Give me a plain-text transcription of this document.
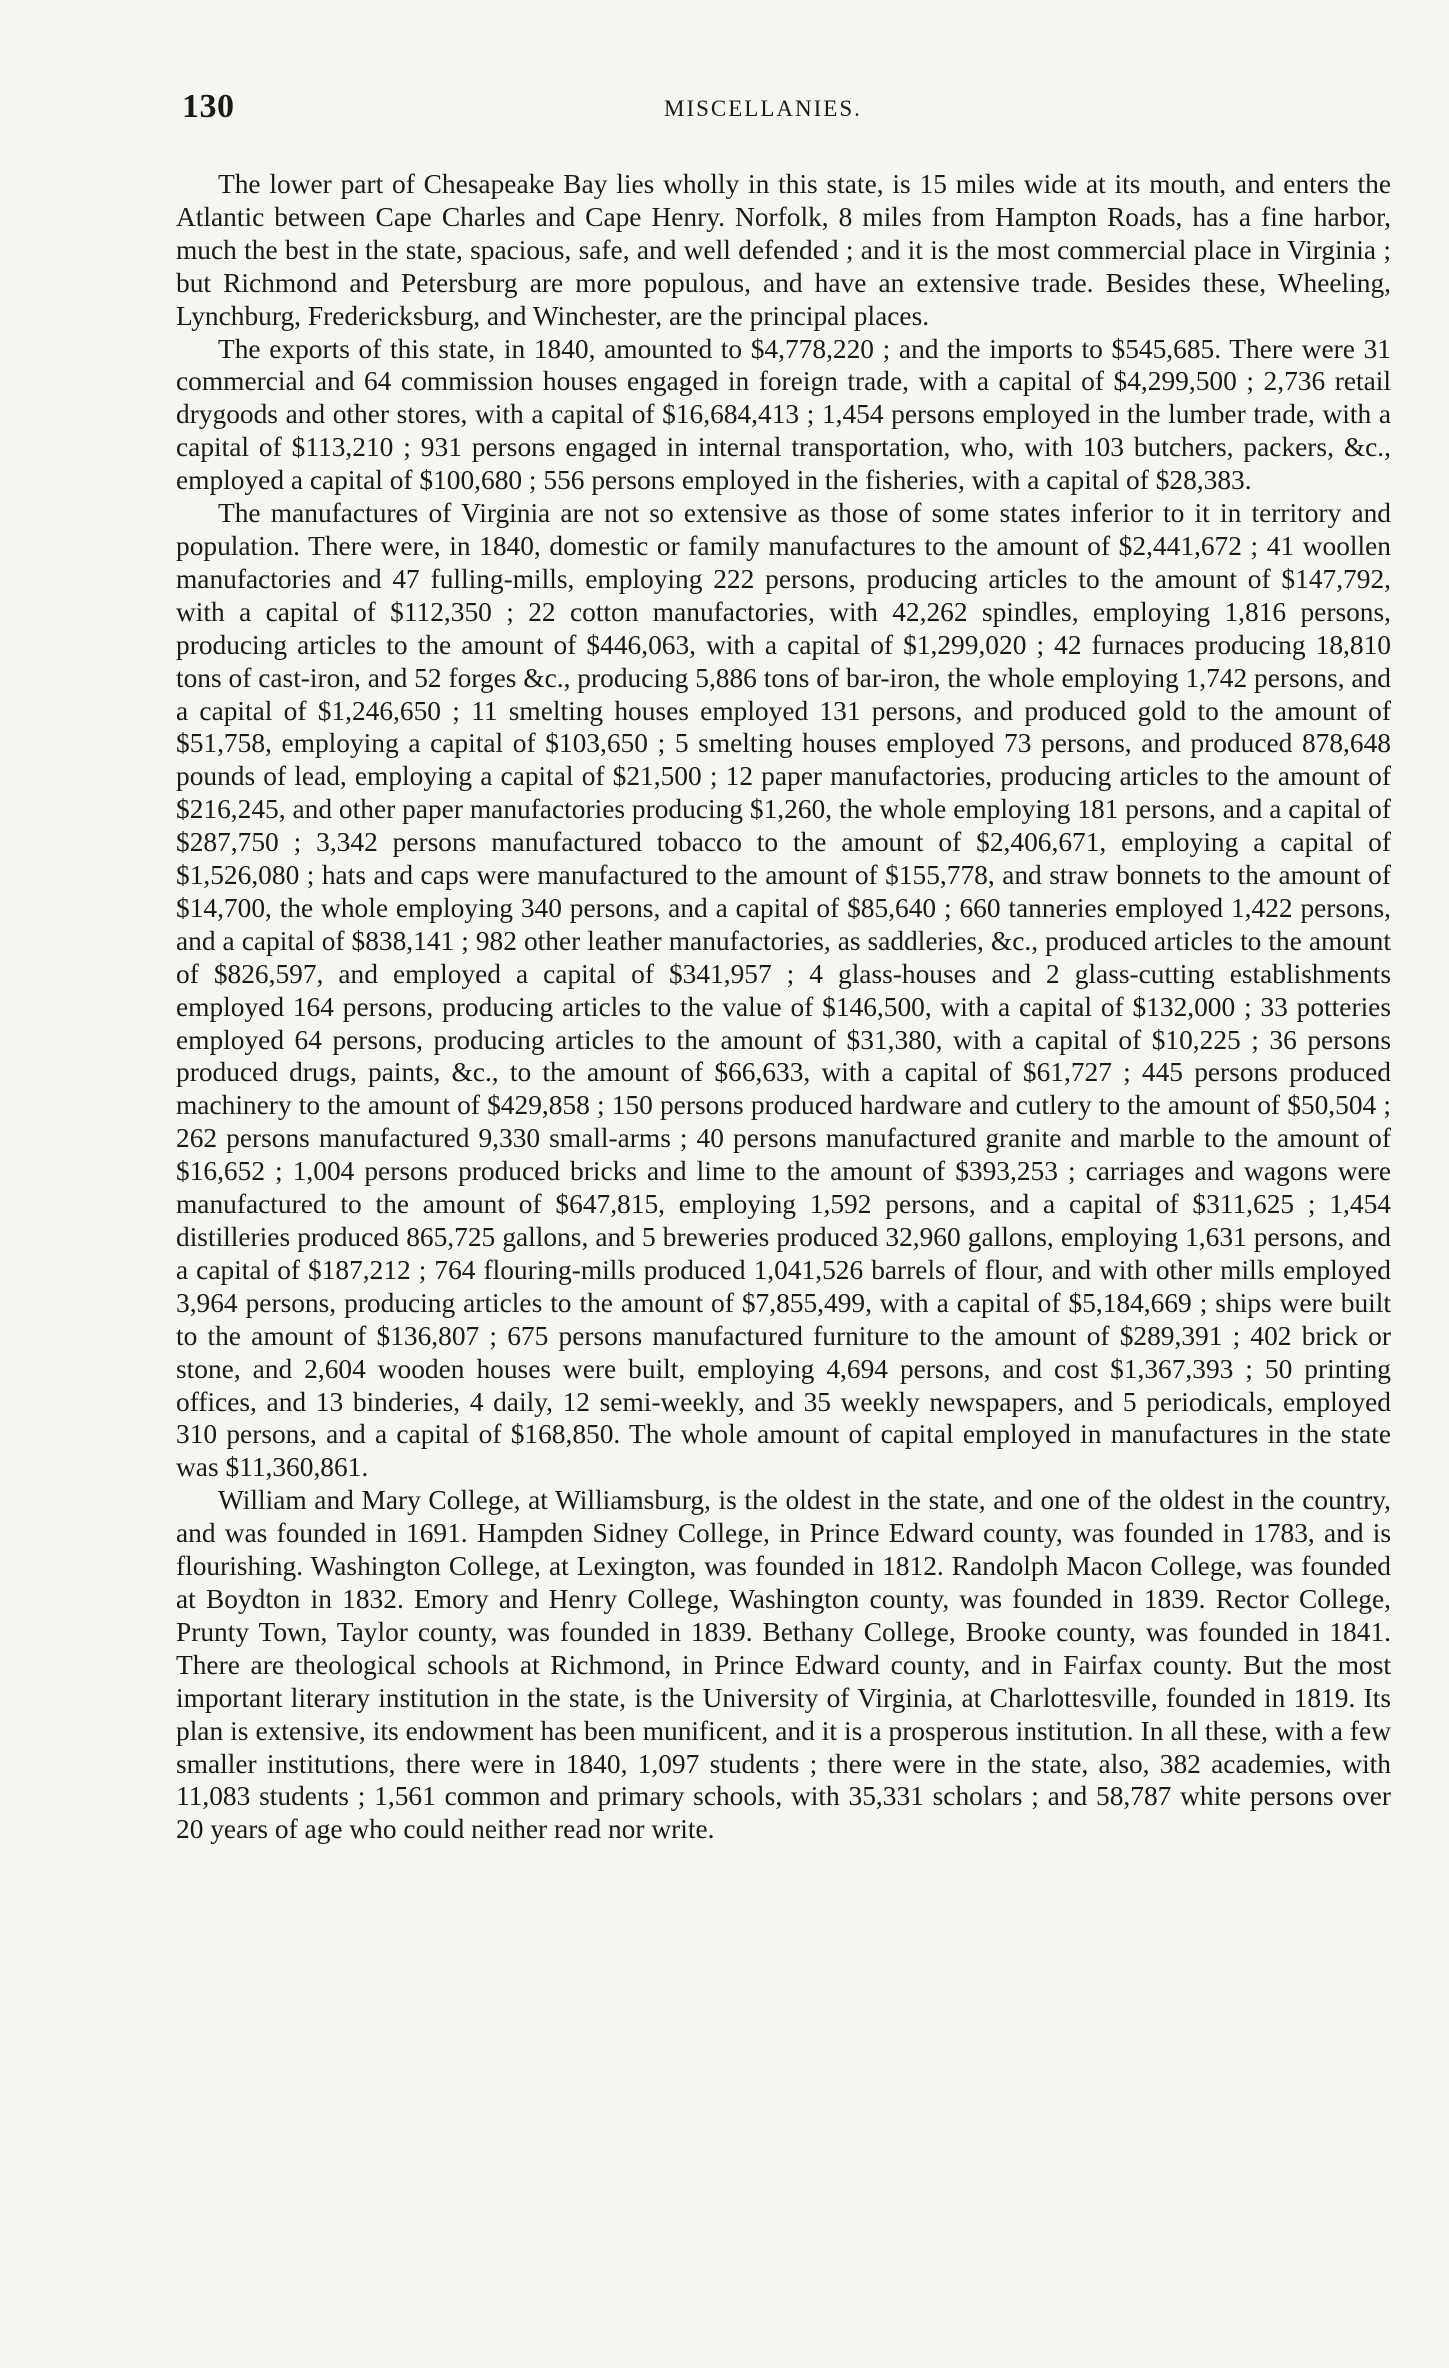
130	MISCELLANIES.

The lower part of Chesapeake Bay lies wholly in this state, is 15 miles wide at its mouth, and enters the Atlantic between Cape Charles and Cape Henry. Norfolk, 8 miles from Hampton Roads, has a fine harbor, much the best in the state, spacious, safe, and well defended ; and it is the most commercial place in Virginia ; but Richmond and Petersburg are more populous, and have an extensive trade. Besides these, Wheeling, Lynchburg, Fredericksburg, and Winchester, are the principal places.

The exports of this state, in 1840, amounted to $4,778,220 ; and the imports to $545,685. There were 31 commercial and 64 commission houses engaged in foreign trade, with a capital of $4,299,500 ; 2,736 retail drygoods and other stores, with a capital of $16,684,413 ; 1,454 persons employed in the lumber trade, with a capital of $113,210 ; 931 persons engaged in internal transportation, who, with 103 butchers, packers, &c., employed a capital of $100,680 ; 556 persons employed in the fisheries, with a capital of $28,383.

The manufactures of Virginia are not so extensive as those of some states inferior to it in territory and population. There were, in 1840, domestic or family manufactures to the amount of $2,441,672 ; 41 woollen manufactories and 47 fulling-mills, employing 222 persons, producing articles to the amount of $147,792, with a capital of $112,350 ; 22 cotton manufactories, with 42,262 spindles, employing 1,816 persons, producing articles to the amount of $446,063, with a capital of $1,299,020 ; 42 furnaces producing 18,810 tons of cast-iron, and 52 forges &c., producing 5,886 tons of bar-iron, the whole employing 1,742 persons, and a capital of $1,246,650 ; 11 smelting houses employed 131 persons, and produced gold to the amount of $51,758, employing a capital of $103,650 ; 5 smelting houses employed 73 persons, and produced 878,648 pounds of lead, employing a capital of $21,500 ; 12 paper manufactories, producing articles to the amount of $216,245, and other paper manufactories producing $1,260, the whole employing 181 persons, and a capital of $287,750 ; 3,342 persons manufactured tobacco to the amount of $2,406,671, employing a capital of $1,526,080 ; hats and caps were manufactured to the amount of $155,778, and straw bonnets to the amount of $14,700, the whole employing 340 persons, and a capital of $85,640 ; 660 tanneries employed 1,422 persons, and a capital of $838,141 ; 982 other leather manufactories, as saddleries, &c., produced articles to the amount of $826,597, and employed a capital of $341,957 ; 4 glass-houses and 2 glass-cutting establishments employed 164 persons, producing articles to the value of $146,500, with a capital of $132,000 ; 33 potteries employed 64 persons, producing articles to the amount of $31,380, with a capital of $10,225 ; 36 persons produced drugs, paints, &c., to the amount of $66,633, with a capital of $61,727 ; 445 persons produced machinery to the amount of $429,858 ; 150 persons produced hardware and cutlery to the amount of $50,504 ; 262 persons manufactured 9,330 small-arms ; 40 persons manufactured granite and marble to the amount of $16,652 ; 1,004 persons produced bricks and lime to the amount of $393,253 ; carriages and wagons were manufactured to the amount of $647,815, employing 1,592 persons, and a capital of $311,625 ; 1,454 distilleries produced 865,725 gallons, and 5 breweries produced 32,960 gallons, employing 1,631 persons, and a capital of $187,212 ; 764 flouring-mills produced 1,041,526 barrels of flour, and with other mills employed 3,964 persons, producing articles to the amount of $7,855,499, with a capital of $5,184,669 ; ships were built to the amount of $136,807 ; 675 persons manufactured furniture to the amount of $289,391 ; 402 brick or stone, and 2,604 wooden houses were built, employing 4,694 persons, and cost $1,367,393 ; 50 printing offices, and 13 binderies, 4 daily, 12 semi-weekly, and 35 weekly newspapers, and 5 periodicals, employed 310 persons, and a capital of $168,850. The whole amount of capital employed in manufactures in the state was $11,360,861.

William and Mary College, at Williamsburg, is the oldest in the state, and one of the oldest in the country, and was founded in 1691. Hampden Sidney College, in Prince Edward county, was founded in 1783, and is flourishing. Washington College, at Lexington, was founded in 1812. Randolph Macon College, was founded at Boydton in 1832. Emory and Henry College, Washington county, was founded in 1839. Rector College, Prunty Town, Taylor county, was founded in 1839. Bethany College, Brooke county, was founded in 1841. There are theological schools at Richmond, in Prince Edward county, and in Fairfax county. But the most important literary institution in the state, is the University of Virginia, at Charlottesville, founded in 1819. Its plan is extensive, its endowment has been munificent, and it is a prosperous institution. In all these, with a few smaller institutions, there were in 1840, 1,097 students ; there were in the state, also, 382 academies, with 11,083 students ; 1,561 common and primary schools, with 35,331 scholars ; and 58,787 white persons over 20 years of age who could neither read nor write.
